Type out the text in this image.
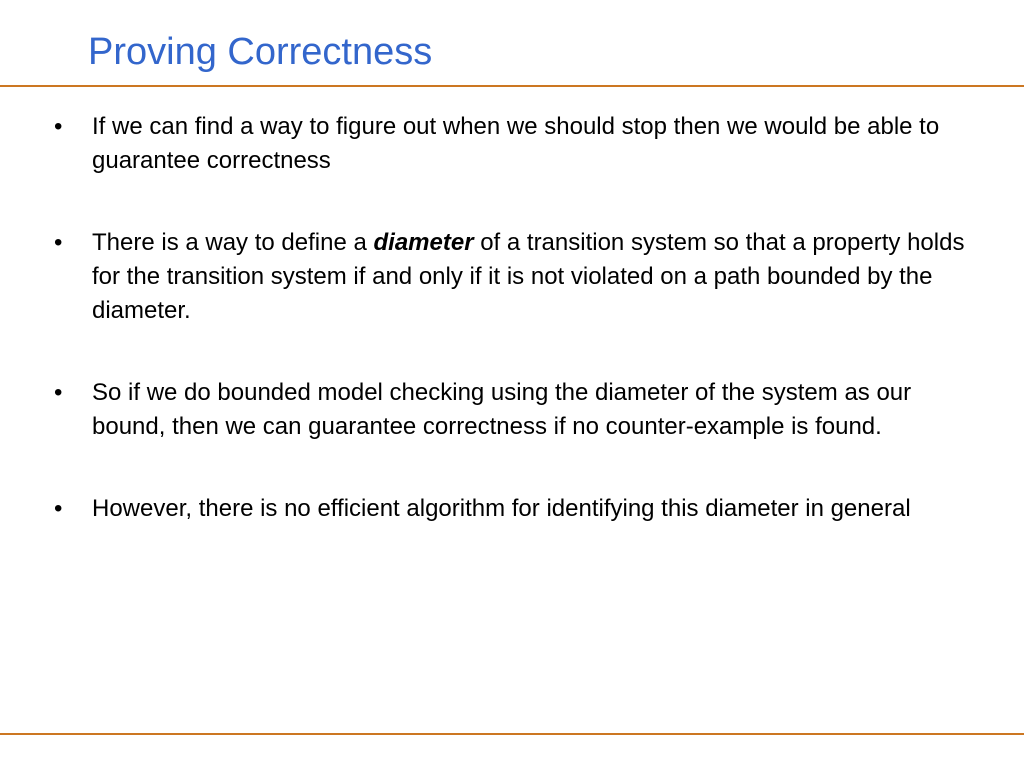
Proving Correctness
•	If we can find a way to figure out when we should stop then we would be able to guarantee correctness
•	There is a way to define a diameter of a transition system so that a property holds for the transition system if and only if it is not violated on a path bounded by the diameter.
•	So if we do bounded model checking using the diameter of the system as our bound, then we can guarantee correctness if no counter-example is found.
•	However, there is no efficient algorithm for identifying this diameter in general
